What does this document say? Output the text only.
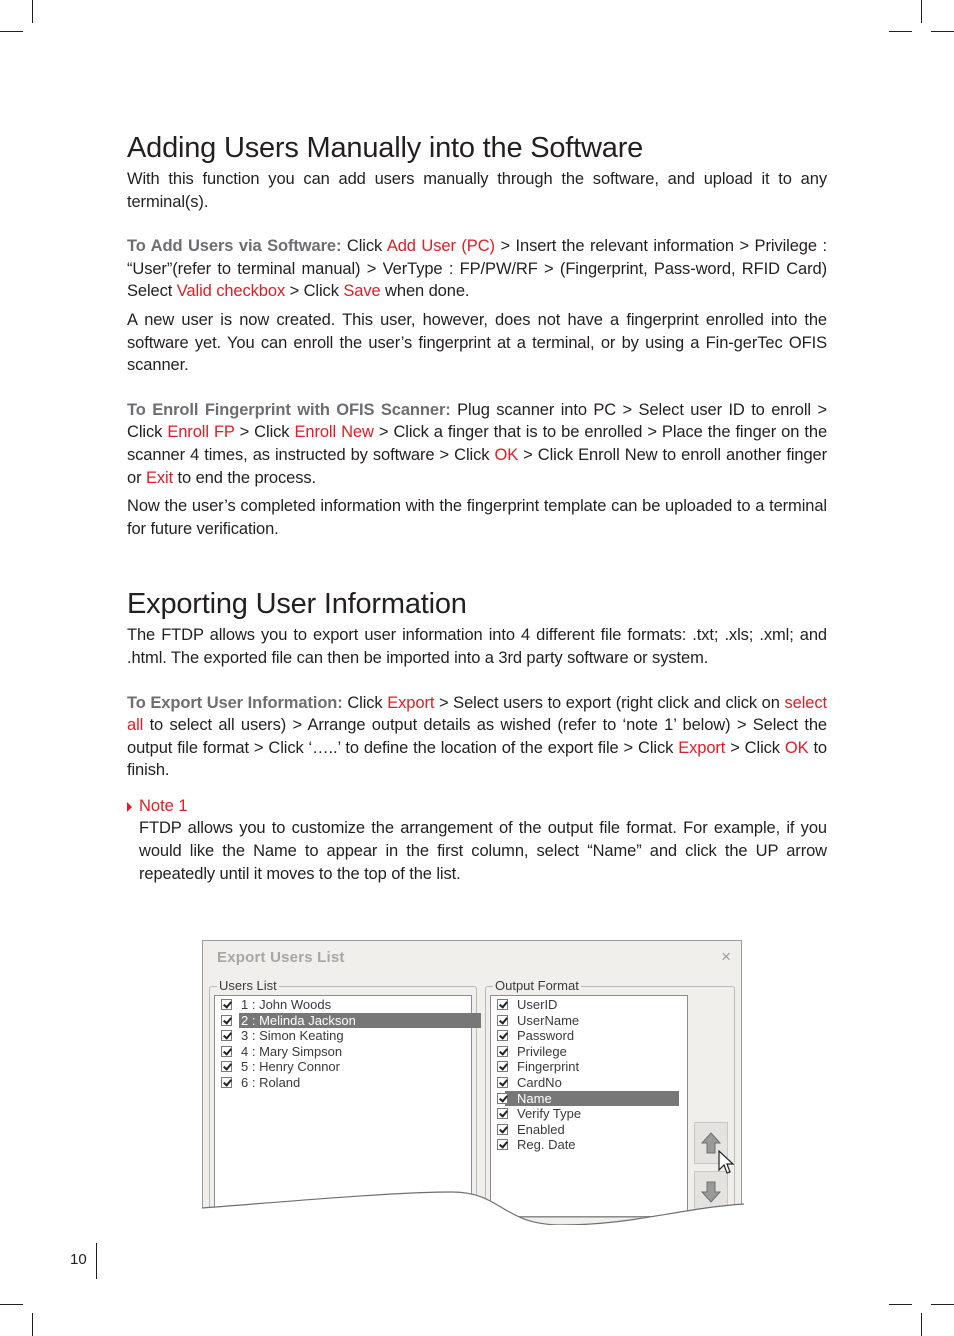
Adding Users Manually into the Software

With this function you can add users manually through the software, and upload it to any terminal(s).

To Add Users via Software: Click Add User (PC) > Insert the relevant information > Privilege : “User”(refer to terminal manual) > VerType : FP/PW/RF > (Fingerprint, Pass-word, RFID Card) Select Valid checkbox > Click Save when done.

A new user is now created. This user, however, does not have a fingerprint enrolled into the software yet. You can enroll the user’s fingerprint at a terminal, or by using a Fin-gerTec OFIS scanner.

To Enroll Fingerprint with OFIS Scanner: Plug scanner into PC > Select user ID to enroll > Click Enroll FP > Click Enroll New > Click a finger that is to be enrolled > Place the finger on the scanner 4 times, as instructed by software > Click OK > Click Enroll New to enroll another finger or Exit to end the process.

Now the user’s completed information with the fingerprint template can be uploaded to a terminal for future verification.

Exporting User Information

The FTDP allows you to export user information into 4 different file formats: .txt; .xls; .xml; and .html. The exported file can then be imported into a 3rd party software or system.

To Export User Information: Click Export > Select users to export (right click and click on select all to select all users) > Arrange output details as wished (refer to ‘note 1’ below) > Select the output file format > Click ‘…..’ to define the location of the export file > Click Export > Click OK to finish.

Note 1

FTDP allows you to customize the arrangement of the output file format. For example, if you would like the Name to appear in the first column, select “Name” and click the UP arrow repeatedly until it moves to the top of the list.

Export Users List	×
Users List
1 : John Woods
2 : Melinda Jackson
3 : Simon Keating
4 : Mary Simpson
5 : Henry Connor
6 : Roland
Output Format
UserID
UserName
Password
Privilege
Fingerprint
CardNo
Name
Verify Type
Enabled
Reg. Date
10
